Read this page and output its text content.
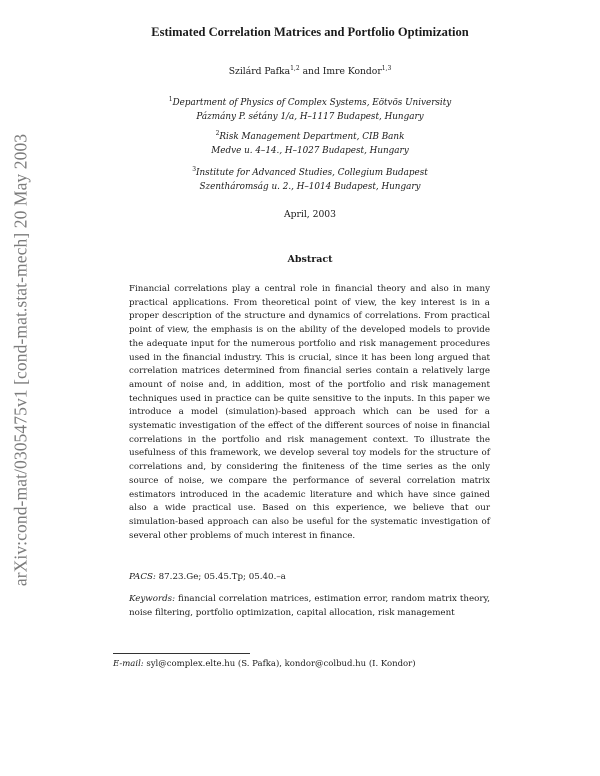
arXiv:cond-mat/0305475v1 [cond-mat.stat-mech] 20 May 2003
Estimated Correlation Matrices and Portfolio Optimization
Szilárd Pafka$^{1,2}$ and Imre Kondor$^{1,3}$
$^1$Department of Physics of Complex Systems, Eötvös University
Pázmány P. sétány 1/a, H–1117 Budapest, Hungary
$^2$Risk Management Department, CIB Bank
Medve u. 4–14., H–1027 Budapest, Hungary
$^3$Institute for Advanced Studies, Collegium Budapest
Szentháromság u. 2., H–1014 Budapest, Hungary
April, 2003
Abstract

Financial correlations play a central role in financial theory and also in many practical applications. From theoretical point of view, the key interest is in a proper description of the structure and dynamics of correlations. From practical point of view, the emphasis is on the ability of the developed models to provide the adequate input for the numerous portfolio and risk management procedures used in the financial industry. This is crucial, since it has been long argued that correlation matrices determined from financial series contain a relatively large amount of noise and, in addition, most of the portfolio and risk management techniques used in practice can be quite sensitive to the inputs. In this paper we introduce a model (simulation)-based approach which can be used for a systematic investigation of the effect of the different sources of noise in financial correlations in the portfolio and risk management context. To illustrate the usefulness of this framework, we develop several toy models for the structure of correlations and, by considering the finiteness of the time series as the only source of noise, we compare the performance of several correlation matrix estimators introduced in the academic literature and which have since gained also a wide practical use. Based on this experience, we believe that our simulation-based approach can also be useful for the systematic investigation of several other problems of much interest in finance.

PACS: 87.23.Ge; 05.45.Tp; 05.40.–a

Keywords: financial correlation matrices, estimation error, random matrix theory, noise filtering, portfolio optimization, capital allocation, risk management

E-mail: syl@complex.elte.hu (S. Pafka), kondor@colbud.hu (I. Kondor)
